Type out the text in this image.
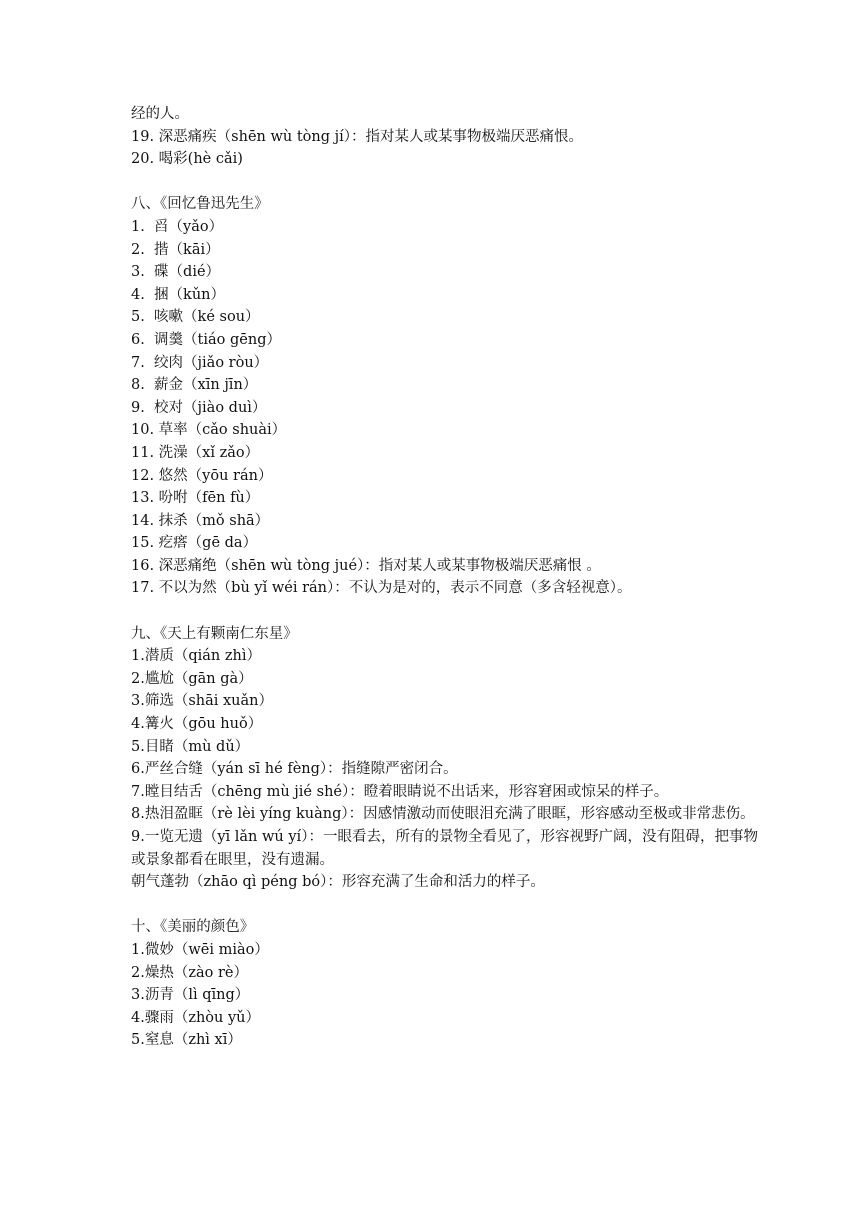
经的人。
19. 深恶痛疾（shēn wù tòng jí）：指对某人或某事物极端厌恶痛恨。
20. 喝彩(hè cǎi)
八、《回忆鲁迅先生》
1.  舀（yǎo）
2.  揩（kāi）
3.  碟（dié）
4.  捆（kǔn）
5.  咳嗽（ké sou）
6.  调羹（tiáo gēng）
7.  绞肉（jiǎo ròu）
8.  薪金（xīn jīn）
9.  校对（jiào duì）
10. 草率（cǎo shuài）
11. 洗澡（xǐ zǎo）
12. 悠然（yōu rán）
13. 吩咐（fēn fù）
14. 抹杀（mǒ shā）
15. 疙瘩（gē da）
16. 深恶痛绝（shēn wù tòng jué）：指对某人或某事物极端厌恶痛恨 。
17. 不以为然（bù yǐ wéi rán）：不认为是对的，表示不同意（多含轻视意）。
九、《天上有颗南仁东星》
1.潜质（qián zhì）
2.尴尬（gān gà）
3.筛选（shāi xuǎn）
4.篝火（gōu huǒ）
5.目睹（mù dǔ）
6.严丝合缝（yán sī hé fèng）：指缝隙严密闭合。
7.瞠目结舌（chēng mù jié shé）：瞪着眼睛说不出话来，形容窘困或惊呆的样子。
8.热泪盈眶（rè lèi yíng kuàng）：因感情激动而使眼泪充满了眼眶，形容感动至极或非常悲伤。
9.一览无遗（yī lǎn wú yí）：一眼看去，所有的景物全看见了，形容视野广阔，没有阻碍，把事物或景象都看在眼里，没有遗漏。
朝气蓬勃（zhāo qì péng bó）：形容充满了生命和活力的样子。
十、《美丽的颜色》
1.微妙（wēi miào）
2.燥热（zào rè）
3.沥青（lì qīng）
4.骤雨（zhòu yǔ）
5.窒息（zhì xī）
